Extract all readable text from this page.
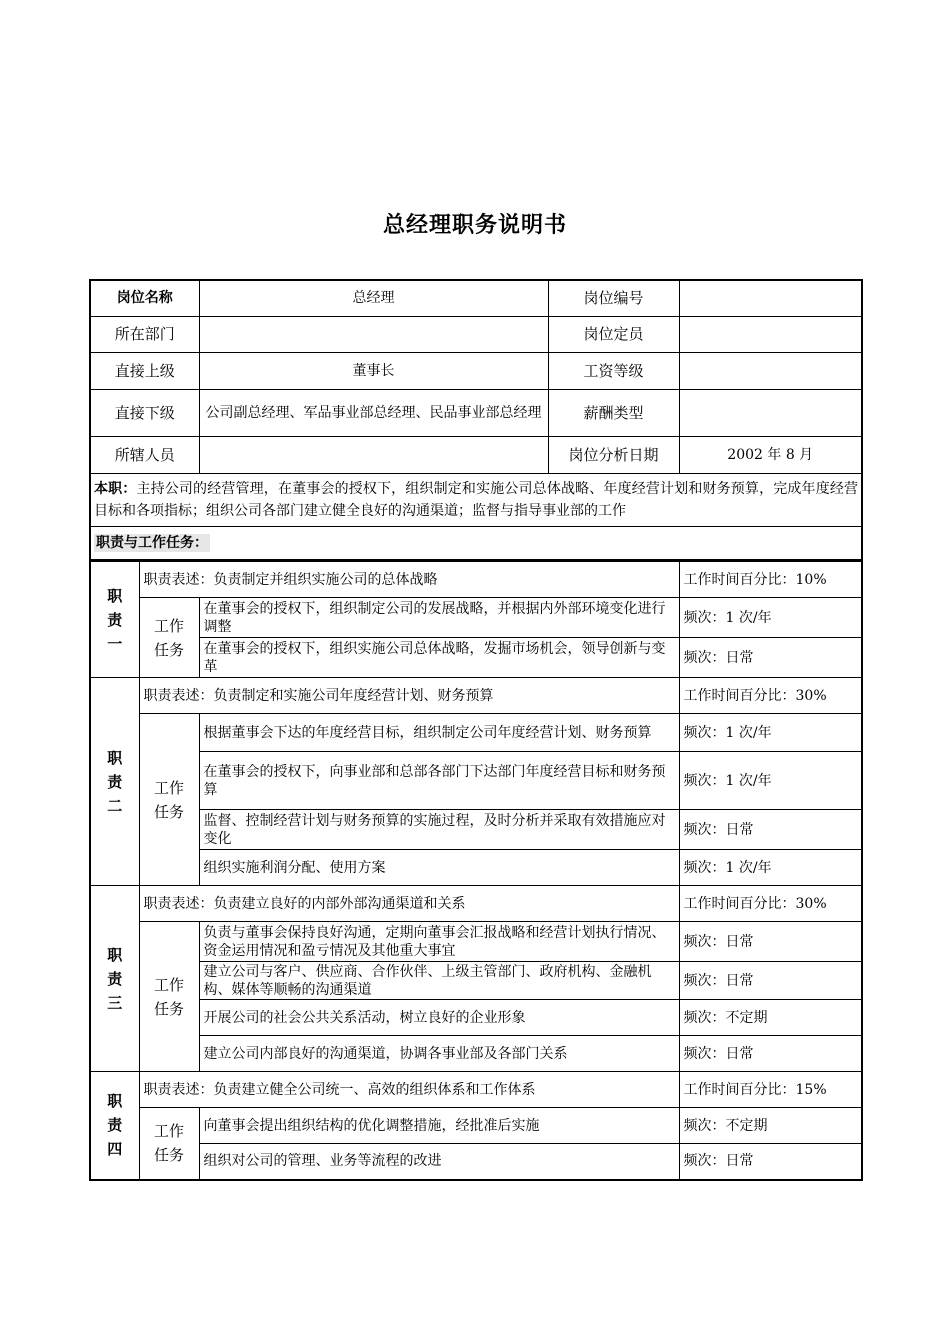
总经理职务说明书
岗位名称	总经理	岗位编号	
所在部门		岗位定员	
直接上级	董事长	工资等级	
直接下级	公司副总经理、军品事业部总经理、民品事业部总经理	薪酬类型	
所辖人员		岗位分析日期	2002 年 8 月
本职：主持公司的经营管理，在董事会的授权下，组织制定和实施公司总体战略、年度经营计划和财务预算，完成年度经营目标和各项指标；组织公司各部门建立健全良好的沟通渠道；监督与指导事业部的工作			
职责与工作任务：			
职
责
一	职责表述：负责制定并组织实施公司的总体战略		工作时间百分比：10%

	工作
任务	在董事会的授权下，组织制定公司的发展战略，并根据内外部环境变化进行调整	频次：1 次/年
		在董事会的授权下，组织实施公司总体战略，发掘市场机会，领导创新与变革	频次：日常

职
责
二	职责表述：负责制定和实施公司年度经营计划、财务预算		工作时间百分比：30%

	工作
任务	根据董事会下达的年度经营目标，组织制定公司年度经营计划、财务预算	频次：1 次/年
		在董事会的授权下，向事业部和总部各部门下达部门年度经营目标和财务预算	频次：1 次/年
		监督、控制经营计划与财务预算的实施过程，及时分析并采取有效措施应对变化	频次：日常
		组织实施利润分配、使用方案	频次：1 次/年

职
责
三	职责表述：负责建立良好的内部外部沟通渠道和关系		工作时间百分比：30%

	工作
任务	负责与董事会保持良好沟通，定期向董事会汇报战略和经营计划执行情况、资金运用情况和盈亏情况及其他重大事宜	频次：日常
		建立公司与客户、供应商、合作伙伴、上级主管部门、政府机构、金融机构、媒体等顺畅的沟通渠道	频次：日常
		开展公司的社会公共关系活动，树立良好的企业形象	频次：不定期
		建立公司内部良好的沟通渠道，协调各事业部及各部门关系	频次：日常

职
责
四	职责表述：负责建立健全公司统一、高效的组织体系和工作体系		工作时间百分比：15%

	工作
任务	向董事会提出组织结构的优化调整措施，经批准后实施	频次：不定期
		组织对公司的管理、业务等流程的改进	频次：日常
